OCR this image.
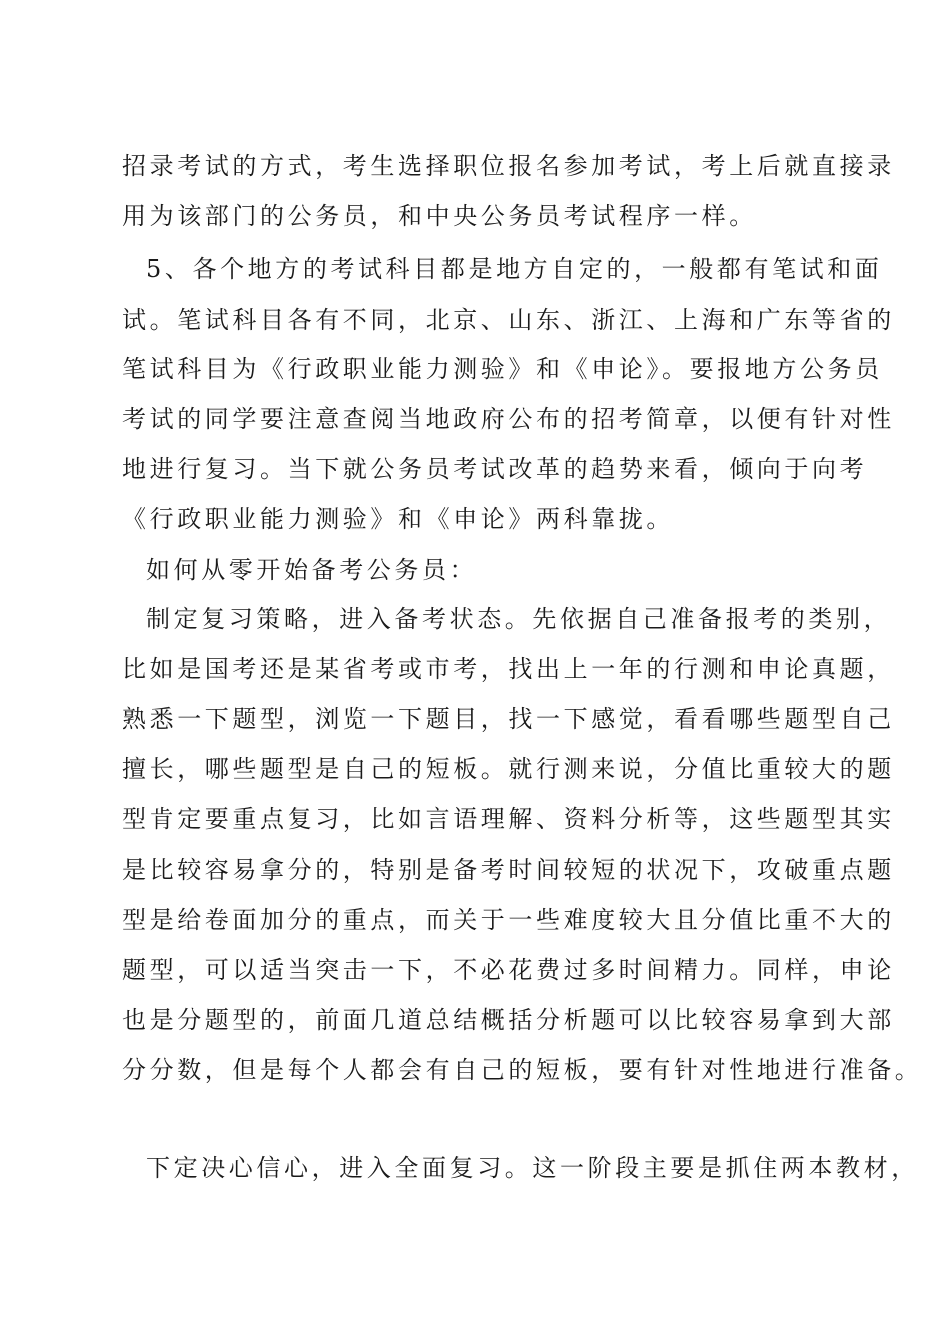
招录考试的方式，考生选择职位报名参加考试，考上后就直接录
用为该部门的公务员，和中央公务员考试程序一样。
5、各个地方的考试科目都是地方自定的，一般都有笔试和面
试。笔试科目各有不同，北京、山东、浙江、上海和广东等省的
笔试科目为《行政职业能力测验》和《申论》。要报地方公务员
考试的同学要注意查阅当地政府公布的招考简章，以便有针对性
地进行复习。当下就公务员考试改革的趋势来看，倾向于向考
《行政职业能力测验》和《申论》两科靠拢。
如何从零开始备考公务员：
制定复习策略，进入备考状态。先依据自己准备报考的类别，
比如是国考还是某省考或市考，找出上一年的行测和申论真题，
熟悉一下题型，浏览一下题目，找一下感觉，看看哪些题型自己
擅长，哪些题型是自己的短板。就行测来说，分值比重较大的题
型肯定要重点复习，比如言语理解、资料分析等，这些题型其实
是比较容易拿分的，特别是备考时间较短的状况下，攻破重点题
型是给卷面加分的重点，而关于一些难度较大且分值比重不大的
题型，可以适当突击一下，不必花费过多时间精力。同样，申论
也是分题型的，前面几道总结概括分析题可以比较容易拿到大部
分分数，但是每个人都会有自己的短板，要有针对性地进行准备。
下定决心信心，进入全面复习。这一阶段主要是抓住两本教材，
